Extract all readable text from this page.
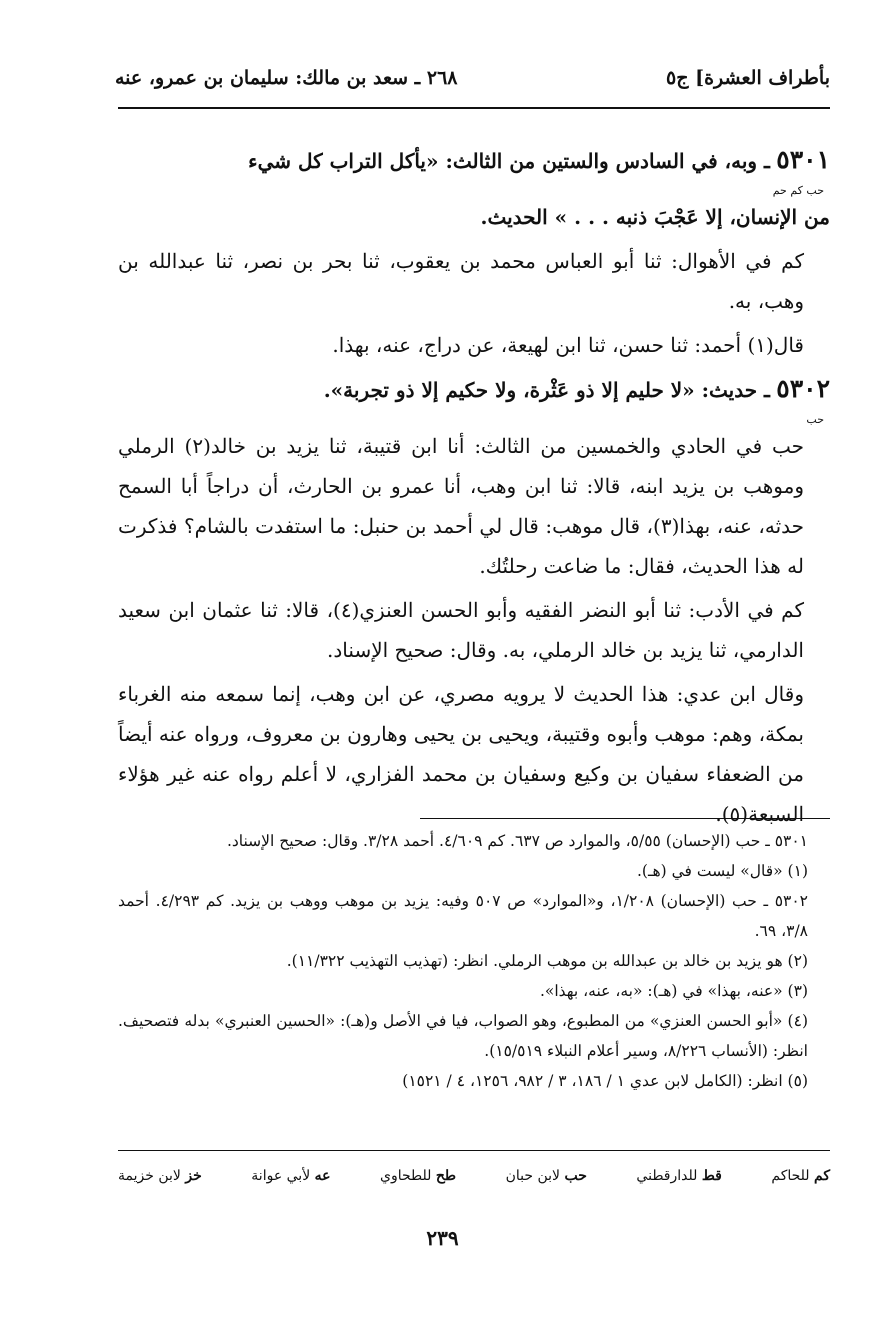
بأطراف العشرة] ج٥
٢٦٨ ـ سعد بن مالك: سليمان بن عمرو، عنه

٥٣٠١ ـ وبه، في السادس والستين من الثالث: «يأكل التراب كل شيء

حب كم حم

من الإنسان، إلا عَجْبَ ذنبه . . . » الحديث.

كم في الأهوال: ثنا أبو العباس محمد بن يعقوب، ثنا بحر بن نصر، ثنا عبدالله بن وهب، به.

قال(١) أحمد: ثنا حسن، ثنا ابن لهيعة، عن دراج، عنه، بهذا.

٥٣٠٢ ـ حديث: «لا حليم إلا ذو عَثْرة، ولا حكيم إلا ذو تجربة».

حب

حب في الحادي والخمسين من الثالث: أنا ابن قتيبة، ثنا يزيد بن خالد(٢) الرملي وموهب بن يزيد ابنه، قالا: ثنا ابن وهب، أنا عمرو بن الحارث، أن دراجاً أبا السمح حدثه، عنه، بهذا(٣)، قال موهب: قال لي أحمد بن حنبل: ما استفدت بالشام؟ فذكرت له هذا الحديث، فقال: ما ضاعت رحلتُك.

كم في الأدب: ثنا أبو النضر الفقيه وأبو الحسن العنزي(٤)، قالا: ثنا عثمان ابن سعيد الدارمي، ثنا يزيد بن خالد الرملي، به. وقال: صحيح الإسناد.

وقال ابن عدي: هذا الحديث لا يرويه مصري، عن ابن وهب، إنما سمعه منه الغرباء بمكة، وهم: موهب وأبوه وقتيبة، ويحيى بن يحيى وهارون بن معروف، ورواه عنه أيضاً من الضعفاء سفيان بن وكيع وسفيان بن محمد الفزاري، لا أعلم رواه عنه غير هؤلاء السبعة(٥).

٥٣٠١ ـ حب (الإحسان) ٥/٥٥، والموارد ص ٦٣٧. كم ٤/٦٠٩. أحمد ٣/٢٨. وقال: صحيح الإسناد.

(١) «قال» ليست في (هـ).

٥٣٠٢ ـ حب (الإحسان) ١/٢٠٨، و«الموارد» ص ٥٠٧ وفيه: يزيد بن موهب ووهب بن يزيد. كم ٤/٢٩٣. أحمد ٣/٨، ٦٩.

(٢) هو يزيد بن خالد بن عبدالله بن موهب الرملي. انظر: (تهذيب التهذيب ١١/٣٢٢).

(٣) «عنه، بهذا» في (هـ): «به، عنه، بهذا».

(٤) «أبو الحسن العنزي» من المطبوع، وهو الصواب، فيا في الأصل و(هـ): «الحسين العنبري» بدله فتصحيف. انظر: (الأنساب ٨/٢٢٦، وسير أعلام النبلاء ١٥/٥١٩).

(٥) انظر: (الكامل لابن عدي ١ / ١٨٦، ٣ / ٩٨٢، ١٢٥٦، ٤ / ١٥٢١)

كم للحاكم
قط للدارقطني
حب لابن حبان
طح للطحاوي
عه لأبي عوانة
خز لابن خزيمة
٢٣٩
